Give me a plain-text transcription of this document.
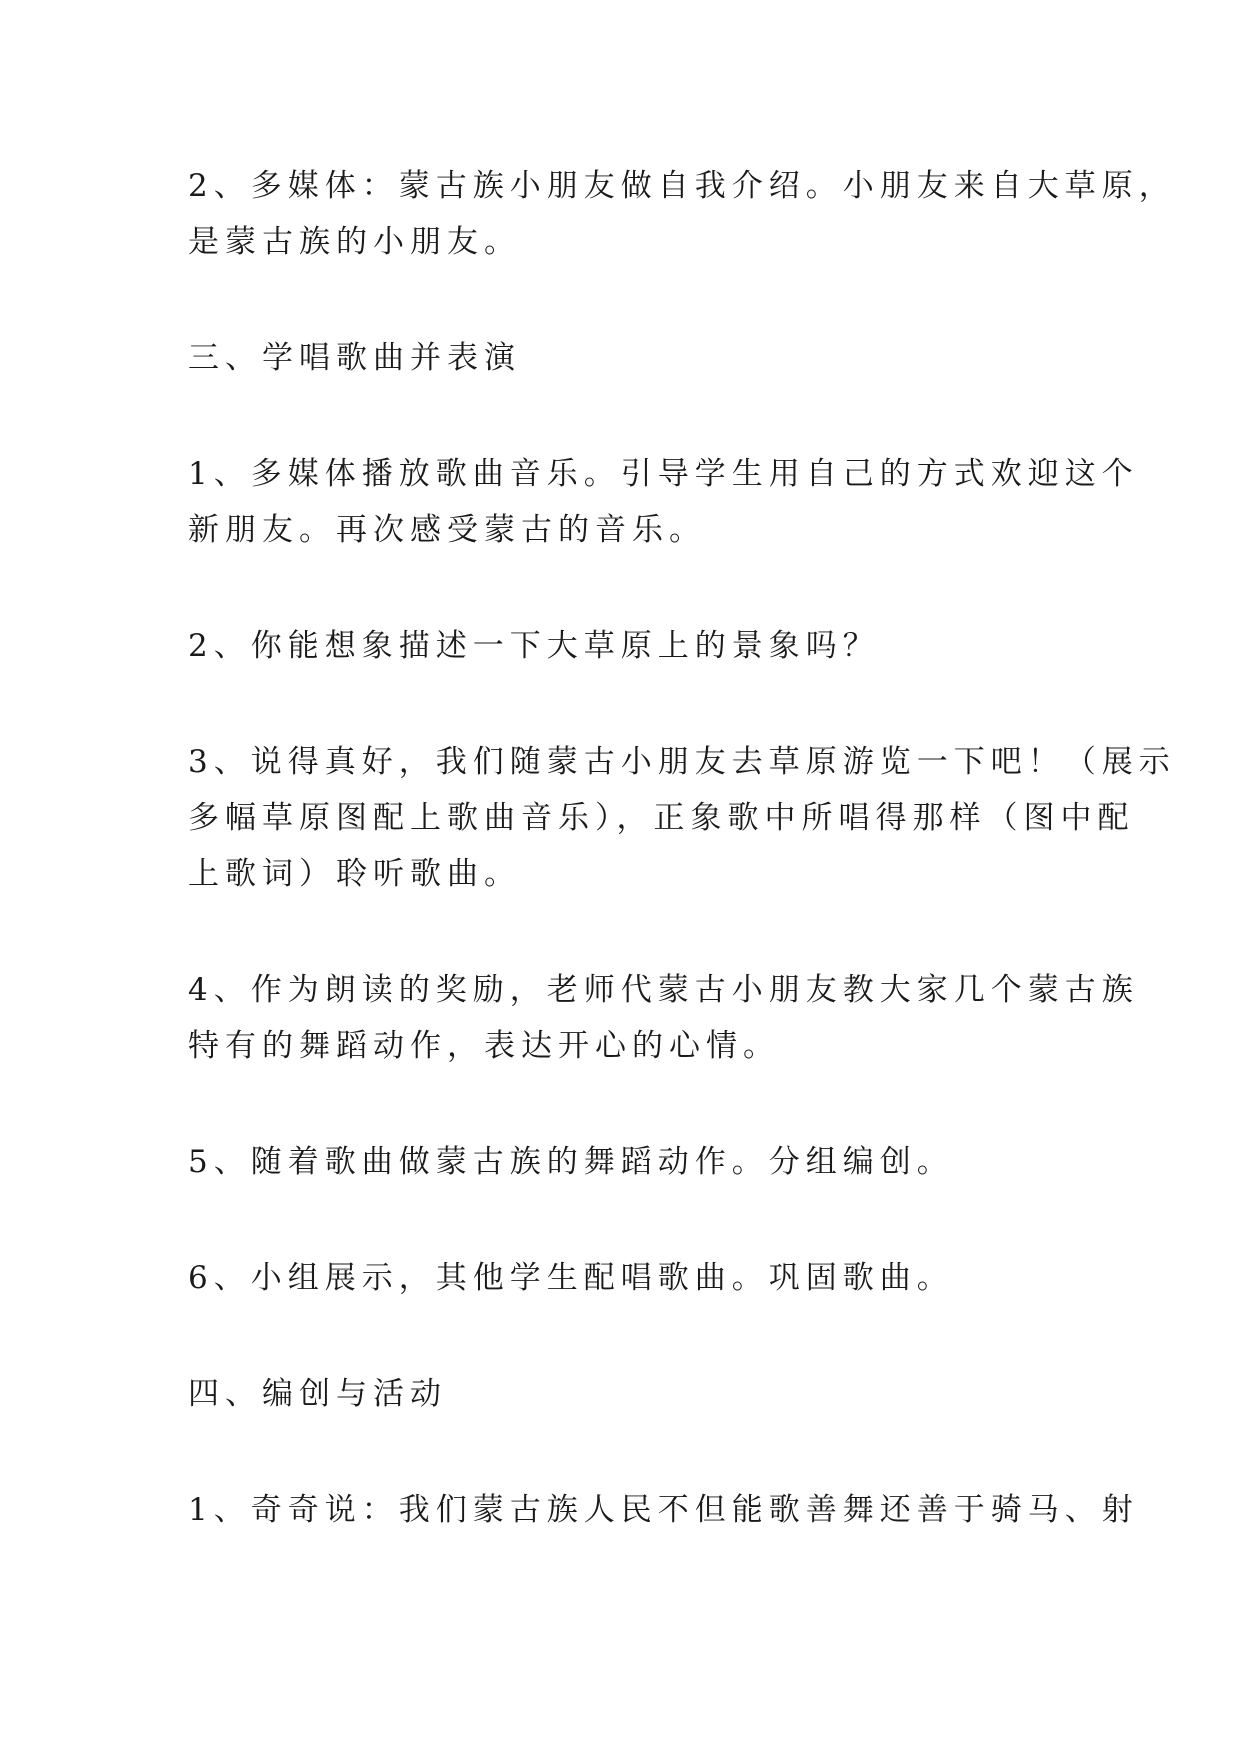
2、多媒体：蒙古族小朋友做自我介绍。小朋友来自大草原，
是蒙古族的小朋友。
三、学唱歌曲并表演
1、多媒体播放歌曲音乐。引导学生用自己的方式欢迎这个
新朋友。再次感受蒙古的音乐。
2、你能想象描述一下大草原上的景象吗？
3、说得真好，我们随蒙古小朋友去草原游览一下吧！（展示
多幅草原图配上歌曲音乐），正象歌中所唱得那样（图中配
上歌词）聆听歌曲。
4、作为朗读的奖励，老师代蒙古小朋友教大家几个蒙古族
特有的舞蹈动作，表达开心的心情。
5、随着歌曲做蒙古族的舞蹈动作。分组编创。
6、小组展示，其他学生配唱歌曲。巩固歌曲。
四、编创与活动
1、奇奇说：我们蒙古族人民不但能歌善舞还善于骑马、射
